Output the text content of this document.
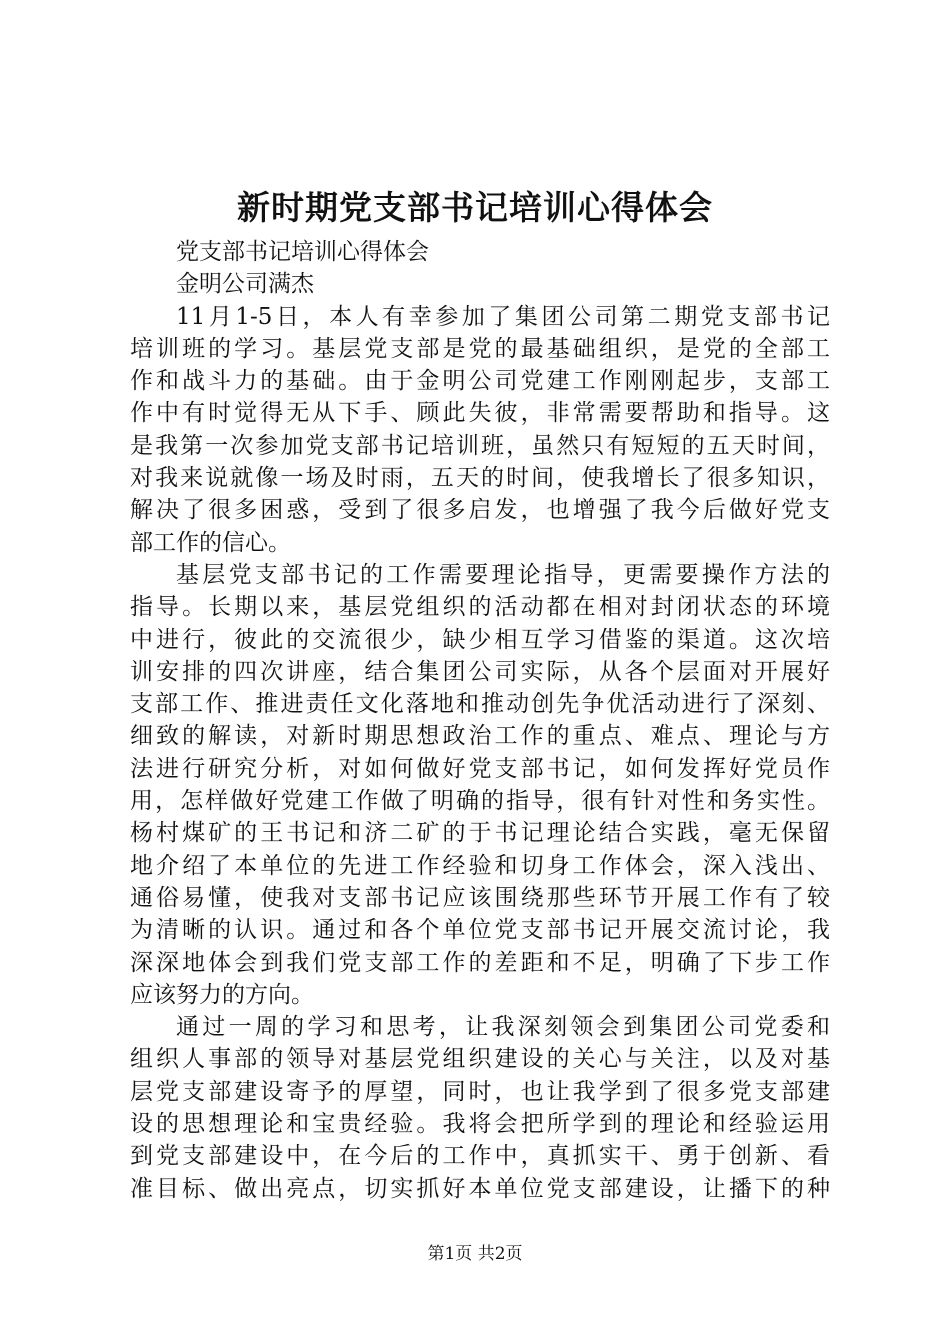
新时期党支部书记培训心得体会
党支部书记培训心得体会
金明公司满杰
11月1-5日，本人有幸参加了集团公司第二期党支部书记
培训班的学习。基层党支部是党的最基础组织，是党的全部工
作和战斗力的基础。由于金明公司党建工作刚刚起步，支部工
作中有时觉得无从下手、顾此失彼，非常需要帮助和指导。这
是我第一次参加党支部书记培训班，虽然只有短短的五天时间，
对我来说就像一场及时雨，五天的时间，使我增长了很多知识，
解决了很多困惑，受到了很多启发，也增强了我今后做好党支
部工作的信心。
基层党支部书记的工作需要理论指导，更需要操作方法的
指导。长期以来，基层党组织的活动都在相对封闭状态的环境
中进行，彼此的交流很少，缺少相互学习借鉴的渠道。这次培
训安排的四次讲座，结合集团公司实际，从各个层面对开展好
支部工作、推进责任文化落地和推动创先争优活动进行了深刻、
细致的解读，对新时期思想政治工作的重点、难点、理论与方
法进行研究分析，对如何做好党支部书记，如何发挥好党员作
用，怎样做好党建工作做了明确的指导，很有针对性和务实性。
杨村煤矿的王书记和济二矿的于书记理论结合实践，毫无保留
地介绍了本单位的先进工作经验和切身工作体会，深入浅出、
通俗易懂，使我对支部书记应该围绕那些环节开展工作有了较
为清晰的认识。通过和各个单位党支部书记开展交流讨论，我
深深地体会到我们党支部工作的差距和不足，明确了下步工作
应该努力的方向。
通过一周的学习和思考，让我深刻领会到集团公司党委和
组织人事部的领导对基层党组织建设的关心与关注，以及对基
层党支部建设寄予的厚望，同时，也让我学到了很多党支部建
设的思想理论和宝贵经验。我将会把所学到的理论和经验运用
到党支部建设中，在今后的工作中，真抓实干、勇于创新、看
准目标、做出亮点，切实抓好本单位党支部建设，让播下的种
第1页 共2页
